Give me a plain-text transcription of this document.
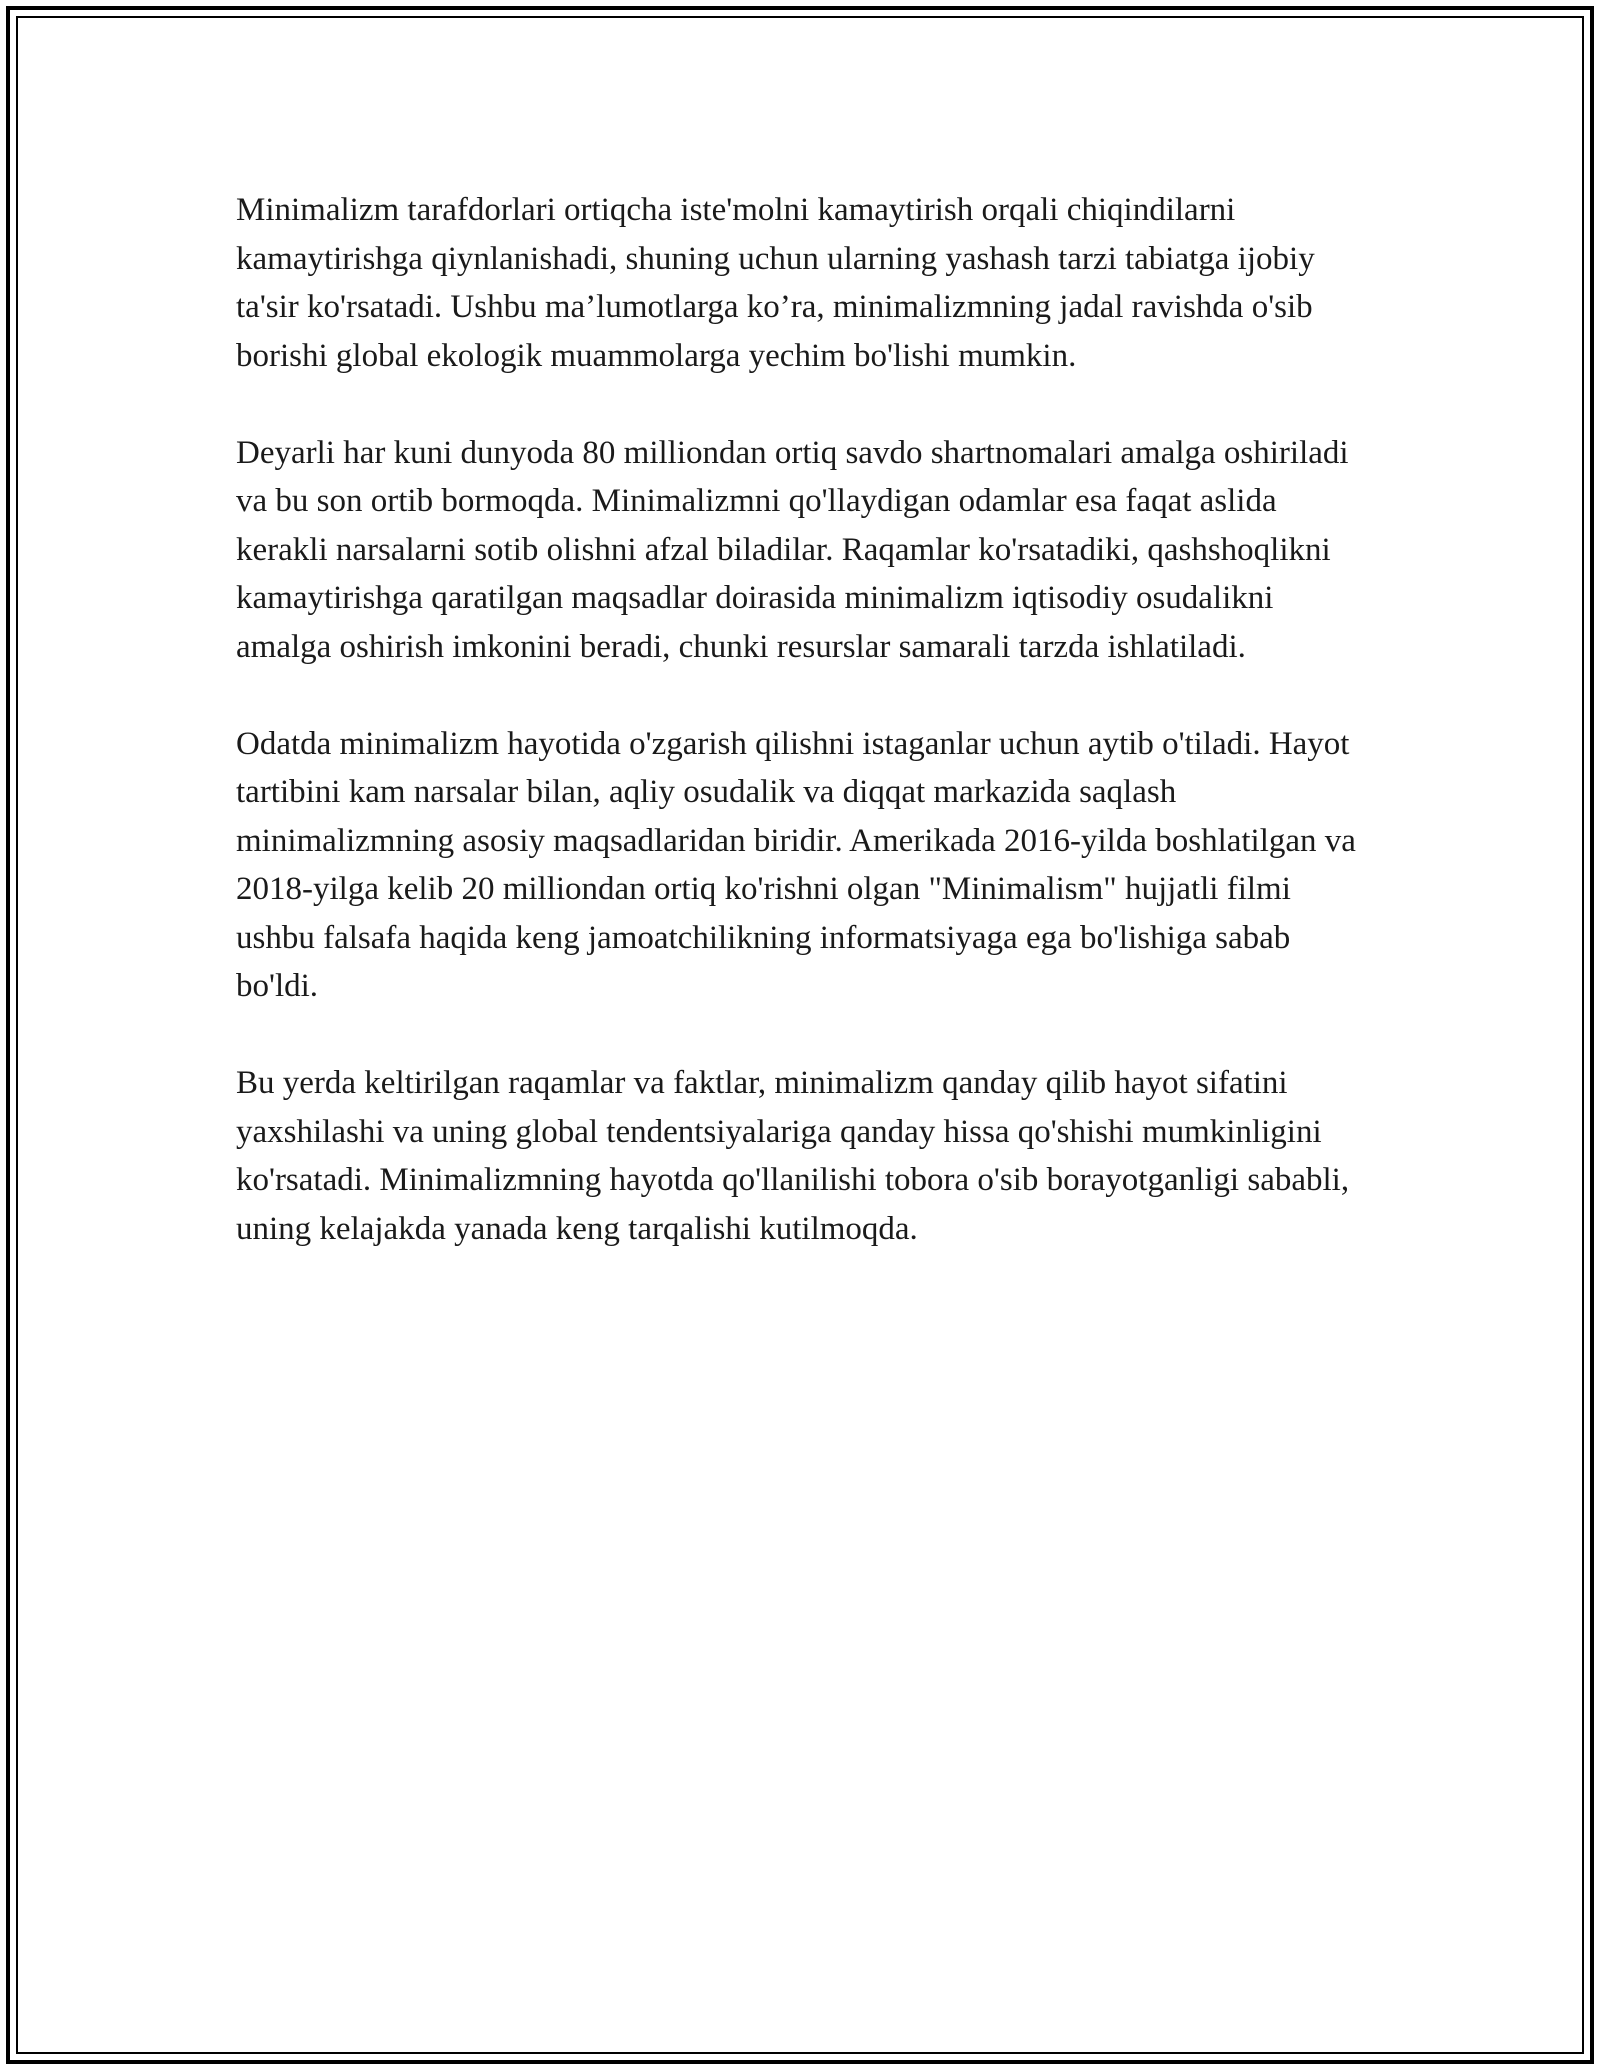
Minimalizm tarafdorlari ortiqcha iste'molni kamaytirish orqali chiqindilarni kamaytirishga qiynlanishadi, shuning uchun ularning yashash tarzi tabiatga ijobiy ta'sir ko'rsatadi. Ushbu ma’lumotlarga ko’ra, minimalizmning jadal ravishda o'sib borishi global ekologik muammolarga yechim bo'lishi mumkin.

Deyarli har kuni dunyoda 80 milliondan ortiq savdo shartnomalari amalga oshiriladi va bu son ortib bormoqda. Minimalizmni qo'llaydigan odamlar esa faqat aslida kerakli narsalarni sotib olishni afzal biladilar. Raqamlar ko'rsatadiki, qashshoqlikni kamaytirishga qaratilgan maqsadlar doirasida minimalizm iqtisodiy osudalikni amalga oshirish imkonini beradi, chunki resurslar samarali tarzda ishlatiladi.

Odatda minimalizm hayotida o'zgarish qilishni istaganlar uchun aytib o'tiladi. Hayot tartibini kam narsalar bilan, aqliy osudalik va diqqat markazida saqlash minimalizmning asosiy maqsadlaridan biridir. Amerikada 2016-yilda boshlatilgan va 2018-yilga kelib 20 milliondan ortiq ko'rishni olgan "Minimalism" hujjatli filmi ushbu falsafa haqida keng jamoatchilikning informatsiyaga ega bo'lishiga sabab bo'ldi.

Bu yerda keltirilgan raqamlar va faktlar, minimalizm qanday qilib hayot sifatini yaxshilashi va uning global tendentsiyalariga qanday hissa qo'shishi mumkinligini ko'rsatadi. Minimalizmning hayotda qo'llanilishi tobora o'sib borayotganligi sababli, uning kelajakda yanada keng tarqalishi kutilmoqda.
